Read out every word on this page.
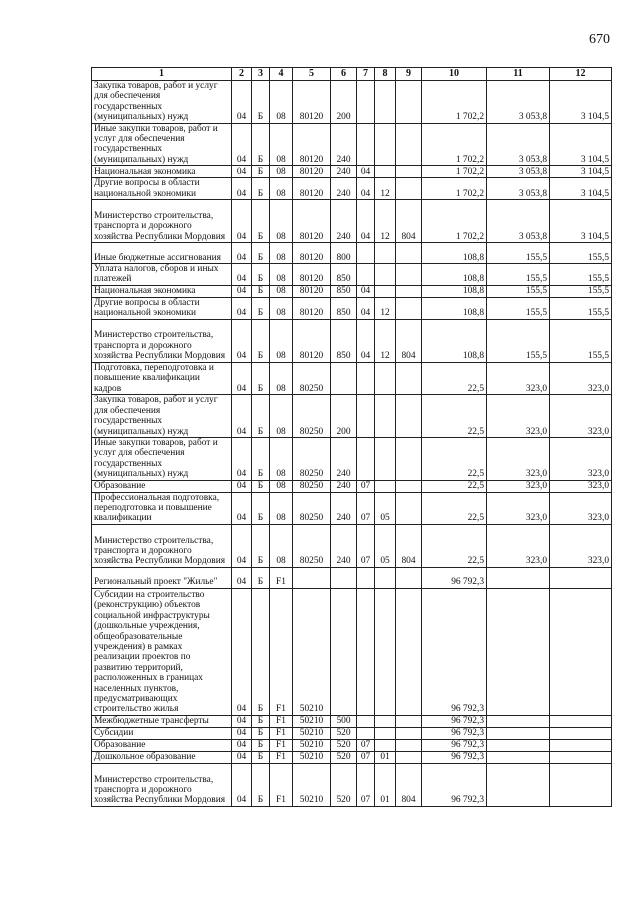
670
1	2	3	4	5	6	7	8	9	10	11	12
Закупка товаров, работ и услуг для обеспечения государственных (муниципальных) нужд	04	Б	08	80120	200				1 702,2	3 053,8	3 104,5
Иные закупки товаров, работ и услуг для обеспечения государственных (муниципальных) нужд	04	Б	08	80120	240				1 702,2	3 053,8	3 104,5
Национальная экономика	04	Б	08	80120	240	04			1 702,2	3 053,8	3 104,5
Другие вопросы в области национальной экономики	04	Б	08	80120	240	04	12		1 702,2	3 053,8	3 104,5
Министерство строительства, транспорта и дорожного хозяйства Республики Мордовия	04	Б	08	80120	240	04	12	804	1 702,2	3 053,8	3 104,5
Иные бюджетные ассигнования	04	Б	08	80120	800				108,8	155,5	155,5
Уплата налогов, сборов и иных платежей	04	Б	08	80120	850				108,8	155,5	155,5
Национальная экономика	04	Б	08	80120	850	04			108,8	155,5	155,5
Другие вопросы в области национальной экономики	04	Б	08	80120	850	04	12		108,8	155,5	155,5
Министерство строительства, транспорта и дорожного хозяйства Республики Мордовия	04	Б	08	80120	850	04	12	804	108,8	155,5	155,5
Подготовка, переподготовка и повышение квалификации кадров	04	Б	08	80250					22,5	323,0	323,0
Закупка товаров, работ и услуг для обеспечения государственных (муниципальных) нужд	04	Б	08	80250	200				22,5	323,0	323,0
Иные закупки товаров, работ и услуг для обеспечения государственных (муниципальных) нужд	04	Б	08	80250	240				22,5	323,0	323,0
Образование	04	Б	08	80250	240	07			22,5	323,0	323,0
Профессиональная подготовка, переподготовка и повышение квалификации	04	Б	08	80250	240	07	05		22,5	323,0	323,0
Министерство строительства, транспорта и дорожного хозяйства Республики Мордовия	04	Б	08	80250	240	07	05	804	22,5	323,0	323,0
Региональный проект "Жилье"	04	Б	F1						96 792,3		
Субсидии на строительство (реконструкцию) объектов социальной инфраструктуры (дошкольные учреждения, общеобразовательные учреждения) в рамках реализации проектов по развитию территорий, расположенных в границах населенных пунктов, предусматривающих строительство жилья	04	Б	F1	50210					96 792,3		
Межбюджетные трансферты	04	Б	F1	50210	500				96 792,3		
Субсидии	04	Б	F1	50210	520				96 792,3		
Образование	04	Б	F1	50210	520	07			96 792,3		
Дошкольное образование	04	Б	F1	50210	520	07	01		96 792,3		
Министерство строительства, транспорта и дорожного хозяйства Республики Мордовия	04	Б	F1	50210	520	07	01	804	96 792,3		
